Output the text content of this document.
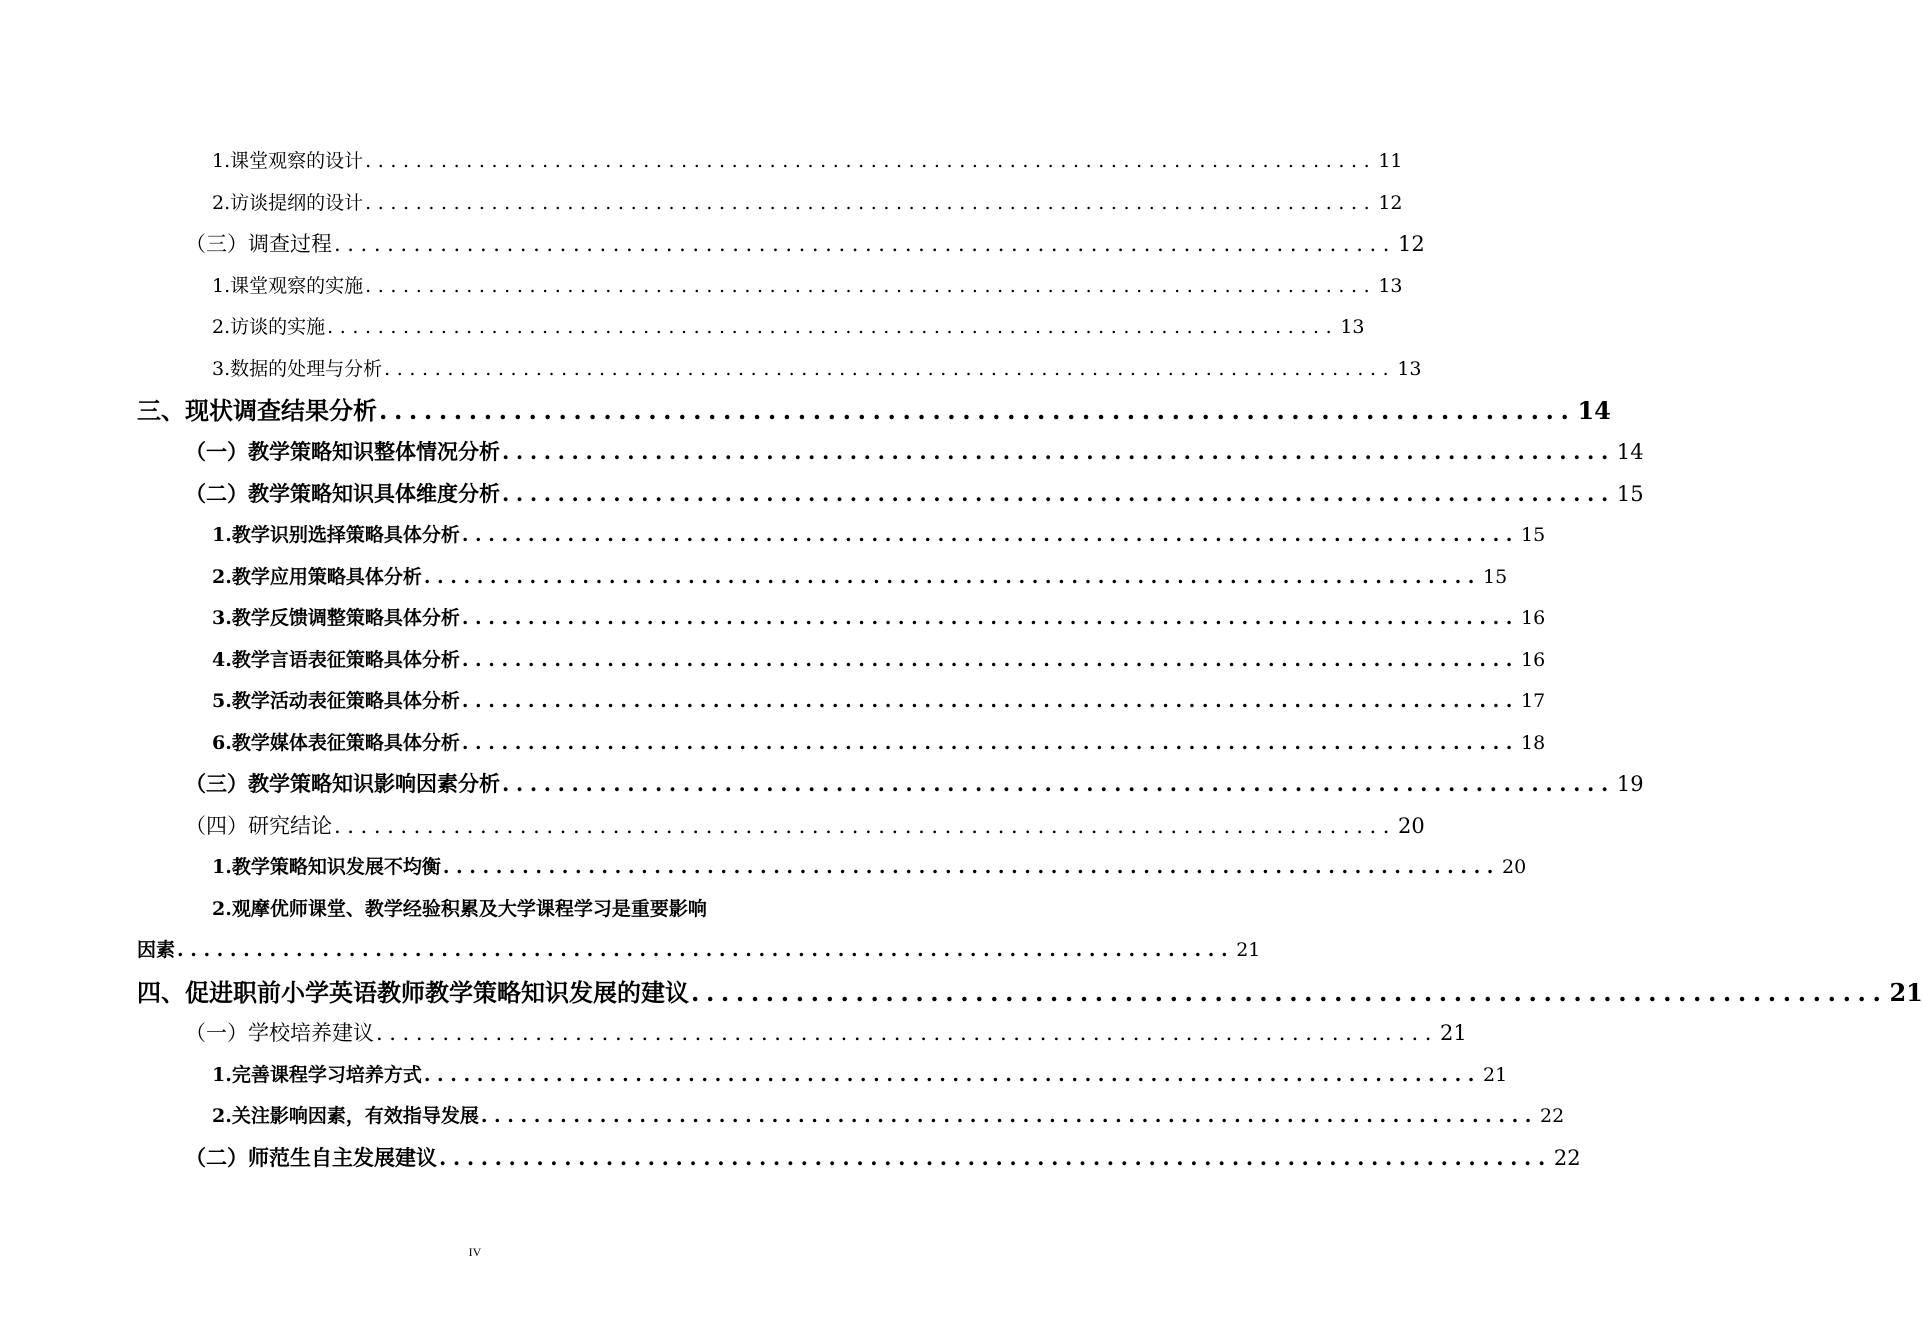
1.课堂观察的设计 ................................................................................ 11
2.访谈提纲的设计 ................................................................................ 12
（三）调查过程 ................................................................................ 12
1.课堂观察的实施 ................................................................................ 13
2.访谈的实施 ................................................................................ 13
3.数据的处理与分析 ................................................................................ 13
三、现状调查结果分析 ................................................................................ 14
（一）教学策略知识整体情况分析 ................................................................................ 14
（二）教学策略知识具体维度分析 ................................................................................ 15
1.教学识别选择策略具体分析 ................................................................................ 15
2.教学应用策略具体分析 ................................................................................ 15
3.教学反馈调整策略具体分析 ................................................................................ 16
4.教学言语表征策略具体分析 ................................................................................ 16
5.教学活动表征策略具体分析 ................................................................................ 17
6.教学媒体表征策略具体分析 ................................................................................ 18
（三）教学策略知识影响因素分析 ................................................................................ 19
（四）研究结论 ................................................................................ 20
1.教学策略知识发展不均衡 ................................................................................ 20
2.观摩优师课堂、教学经验积累及大学课程学习是重要影响
因素 ................................................................................ 21
四、促进职前小学英语教师教学策略知识发展的建议 ................................................................................ 21
（一）学校培养建议 ................................................................................ 21
1.完善课程学习培养方式 ................................................................................ 21
2.关注影响因素，有效指导发展 ................................................................................ 22
（二）师范生自主发展建议 ................................................................................ 22
IV
